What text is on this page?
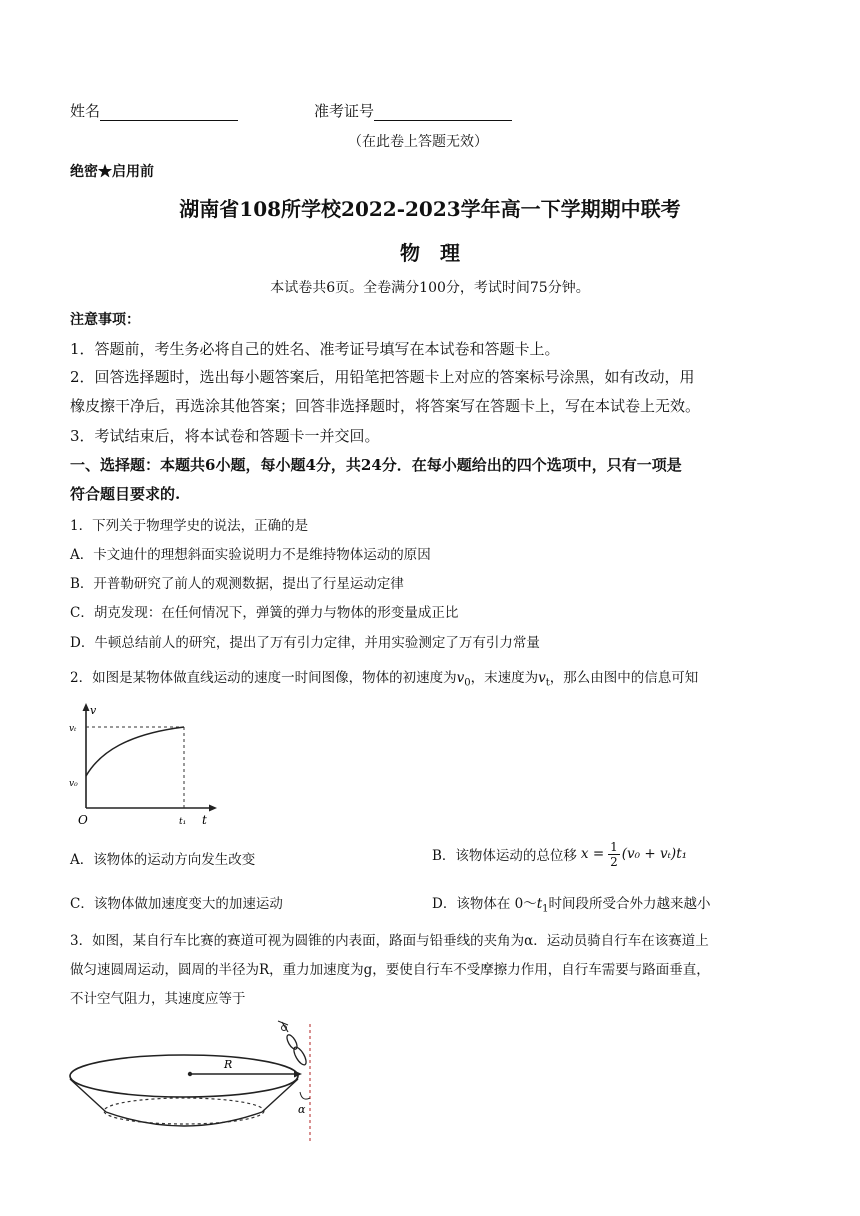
姓名	准考证号
（在此卷上答题无效）
绝密★启用前
湖南省108所学校2022-2023学年高一下学期期中联考
物　理
本试卷共6页。全卷满分100分，考试时间75分钟。
注意事项：
1．答题前，考生务必将自己的姓名、准考证号填写在本试卷和答题卡上。
2．回答选择题时，选出每小题答案后，用铅笔把答题卡上对应的答案标号涂黑，如有改动，用
橡皮擦干净后，再选涂其他答案；回答非选择题时，将答案写在答题卡上，写在本试卷上无效。
3．考试结束后，将本试卷和答题卡一并交回。
一、选择题：本题共6小题，每小题4分，共24分．在每小题给出的四个选项中，只有一项是
符合题目要求的.
1．下列关于物理学史的说法，正确的是
A．卡文迪什的理想斜面实验说明力不是维持物体运动的原因
B．开普勒研究了前人的观测数据，提出了行星运动定律
C．胡克发现：在任何情况下，弹簧的弹力与物体的形变量成正比
D．牛顿总结前人的研究，提出了万有引力定律，并用实验测定了万有引力常量
2．如图是某物体做直线运动的速度一时间图像，物体的初速度为$v_0$，末速度为$v_t$，那么由图中的信息可知
v
vₜ
v₀
O	t₁ t
A．该物体的运动方向发生改变	B．该物体运动的总位移 $x = \frac{1}{2} (v_0 + v_t)t_1$
C．该物体做加速度变大的加速运动	D．该物体在 $0\sim t_1$时间段所受合外力越来越小
3．如图，某自行车比赛的赛道可视为圆锥的内表面，路面与铅垂线的夹角为α．运动员骑自行车在该赛道上
做匀速圆周运动，圆周的半径为R，重力加速度为g，要使自行车不受摩擦力作用，自行车需要与路面垂直，
不计空气阻力，其速度应等于
R
α
